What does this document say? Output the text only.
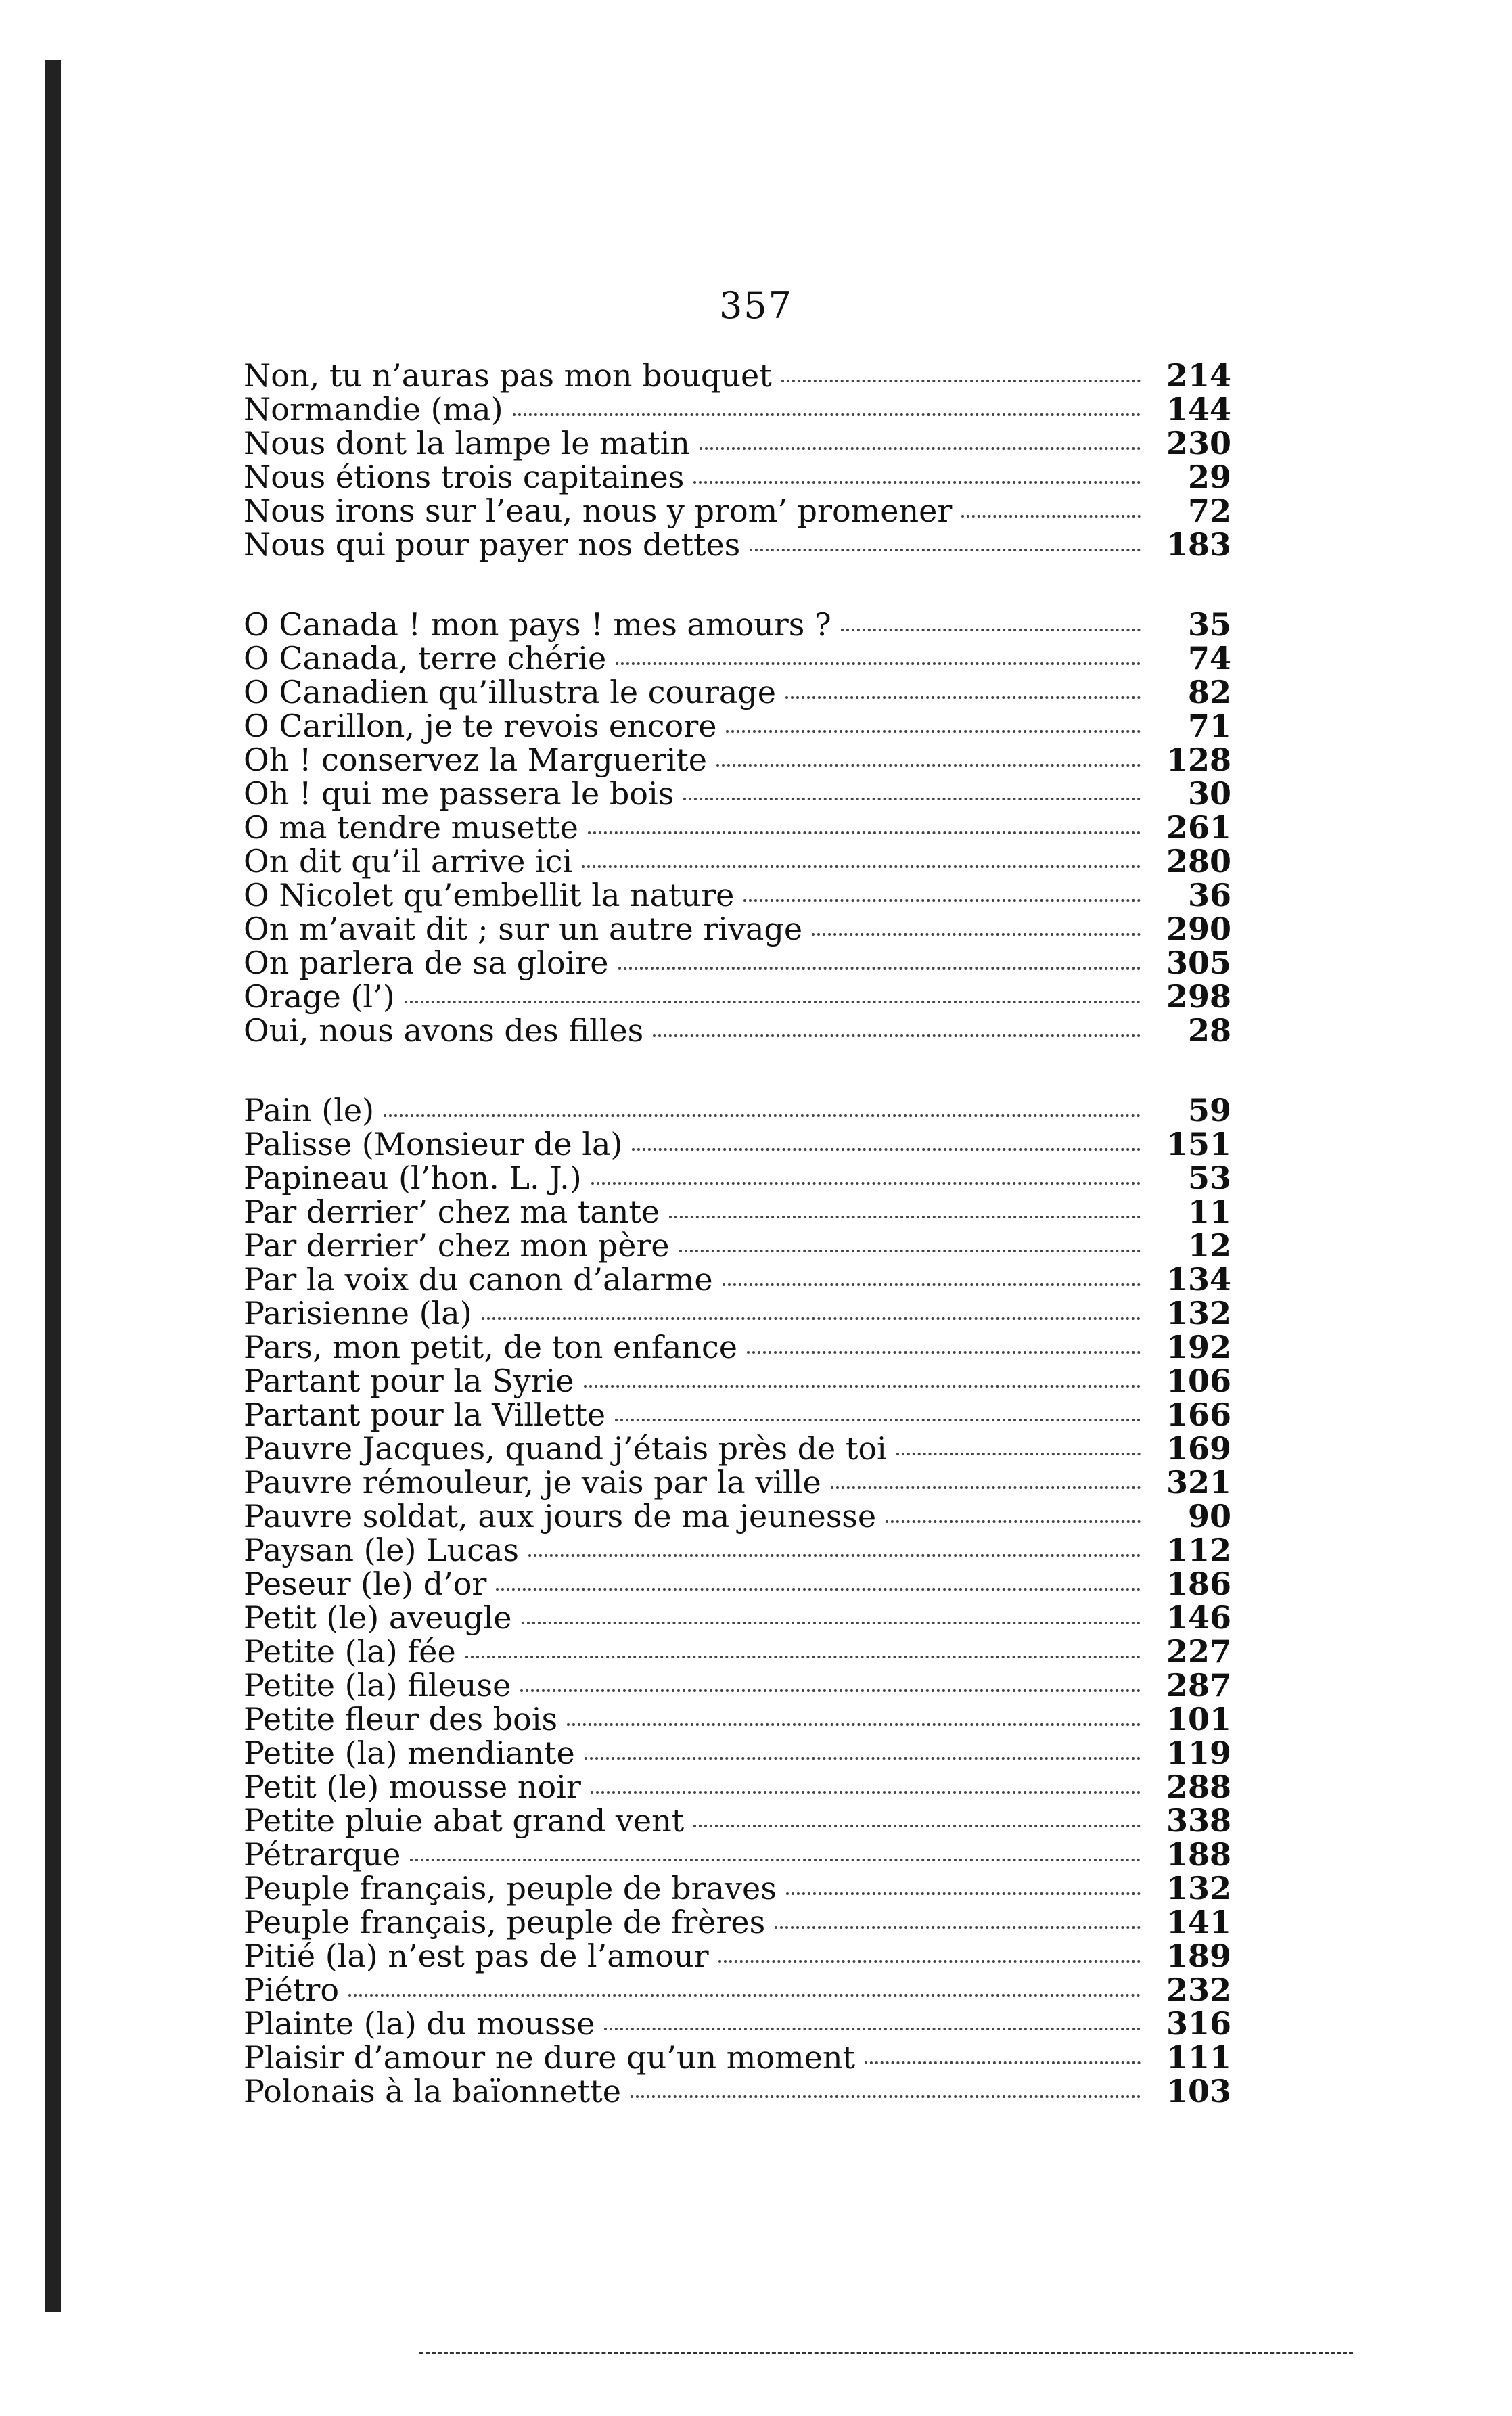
357
Non, tu n’auras pas mon bouquet	214
Normandie (ma)	144
Nous dont la lampe le matin	230
Nous étions trois capitaines	29
Nous irons sur l’eau, nous y prom’ promener	72
Nous qui pour payer nos dettes	183
O Canada ! mon pays ! mes amours ?	35
O Canada, terre chérie	74
O Canadien qu’illustra le courage	82
O Carillon, je te revois encore	71
Oh ! conservez la Marguerite	128
Oh ! qui me passera le bois	30
O ma tendre musette	261
On dit qu’il arrive ici	280
O Nicolet qu’embellit la nature	36
On m’avait dit ; sur un autre rivage	290
On parlera de sa gloire	305
Orage (l’)	298
Oui, nous avons des filles	28
Pain (le)	59
Palisse (Monsieur de la)	151
Papineau (l’hon. L. J.)	53
Par derrier’ chez ma tante	11
Par derrier’ chez mon père	12
Par la voix du canon d’alarme	134
Parisienne (la)	132
Pars, mon petit, de ton enfance	192
Partant pour la Syrie	106
Partant pour la Villette	166
Pauvre Jacques, quand j’étais près de toi	169
Pauvre rémouleur, je vais par la ville	321
Pauvre soldat, aux jours de ma jeunesse	90
Paysan (le) Lucas	112
Peseur (le) d’or	186
Petit (le) aveugle	146
Petite (la) fée	227
Petite (la) fileuse	287
Petite fleur des bois	101
Petite (la) mendiante	119
Petit (le) mousse noir	288
Petite pluie abat grand vent	338
Pétrarque	188
Peuple français, peuple de braves	132
Peuple français, peuple de frères	141
Pitié (la) n’est pas de l’amour	189
Piétro	232
Plainte (la) du mousse	316
Plaisir d’amour ne dure qu’un moment	111
Polonais à la baïonnette	103
